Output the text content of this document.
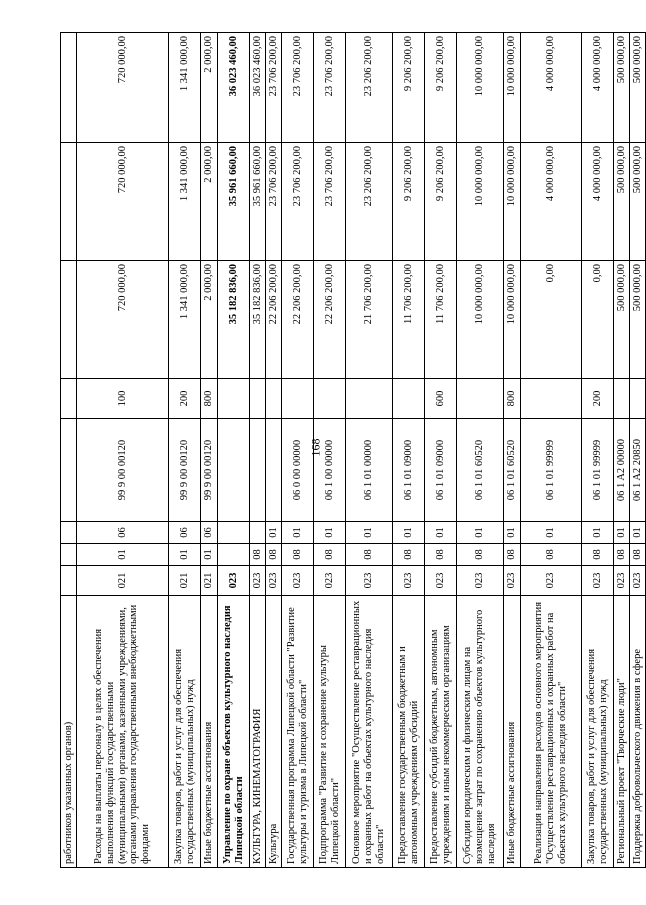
168
работников указанных органов)								
Расходы на выплаты персоналу в целях обеспечения выполнения функций государственными (муниципальными) органами, казенными учреждениями, органами управления государственными внебюджетными фондами	021	01	06	99 9 00 00120	100	720 000,00	720 000,00	720 000,00
Закупка товаров, работ и услуг для обеспечения государственных (муниципальных) нужд	021	01	06	99 9 00 00120	200	1 341 000,00	1 341 000,00	1 341 000,00
Иные бюджетные ассигнования	021	01	06	99 9 00 00120	800	2 000,00	2 000,00	2 000,00
Управление по охране объектов культурного наследия Липецкой области	023					35 182 836,00	35 961 660,00	36 023 460,00
КУЛЬТУРА, КИНЕМАТОГРАФИЯ	023	08				35 182 836,00	35 961 660,00	36 023 460,00
Культура	023	08	01			22 206 200,00	23 706 200,00	23 706 200,00
Государственная программа Липецкой области "Развитие культуры и туризма в Липецкой области"	023	08	01	06 0 00 00000		22 206 200,00	23 706 200,00	23 706 200,00
Подпрограмма "Развитие и сохранение культуры Липецкой области"	023	08	01	06 1 00 00000		22 206 200,00	23 706 200,00	23 706 200,00
Основное мероприятие "Осуществление реставрационных и охранных работ на объектах культурного наследия области"	023	08	01	06 1 01 00000		21 706 200,00	23 206 200,00	23 206 200,00
Предоставление государственным бюджетным и автономным учреждениям субсидий	023	08	01	06 1 01 09000		11 706 200,00	9 206 200,00	9 206 200,00
Предоставление субсидий бюджетным, автономным учреждениям и иным некоммерческим организациям	023	08	01	06 1 01 09000	600	11 706 200,00	9 206 200,00	9 206 200,00
Субсидии юридическим и физическим лицам на возмещение затрат по сохранению объектов культурного наследия	023	08	01	06 1 01 60520		10 000 000,00	10 000 000,00	10 000 000,00
Иные бюджетные ассигнования	023	08	01	06 1 01 60520	800	10 000 000,00	10 000 000,00	10 000 000,00
Реализация направления расходов основного мероприятия "Осуществление реставрационных и охранных работ на объектах культурного наследия области"	023	08	01	06 1 01 99999		0,00	4 000 000,00	4 000 000,00
Закупка товаров, работ и услуг для обеспечения государственных (муниципальных) нужд	023	08	01	06 1 01 99999	200	0,00	4 000 000,00	4 000 000,00
Региональный проект "Творческие люди"	023	08	01	06 1 A2 00000		500 000,00	500 000,00	500 000,00
Поддержка добровольческого движения в сфере	023	08	01	06 1 A2 20850		500 000,00	500 000,00	500 000,00
